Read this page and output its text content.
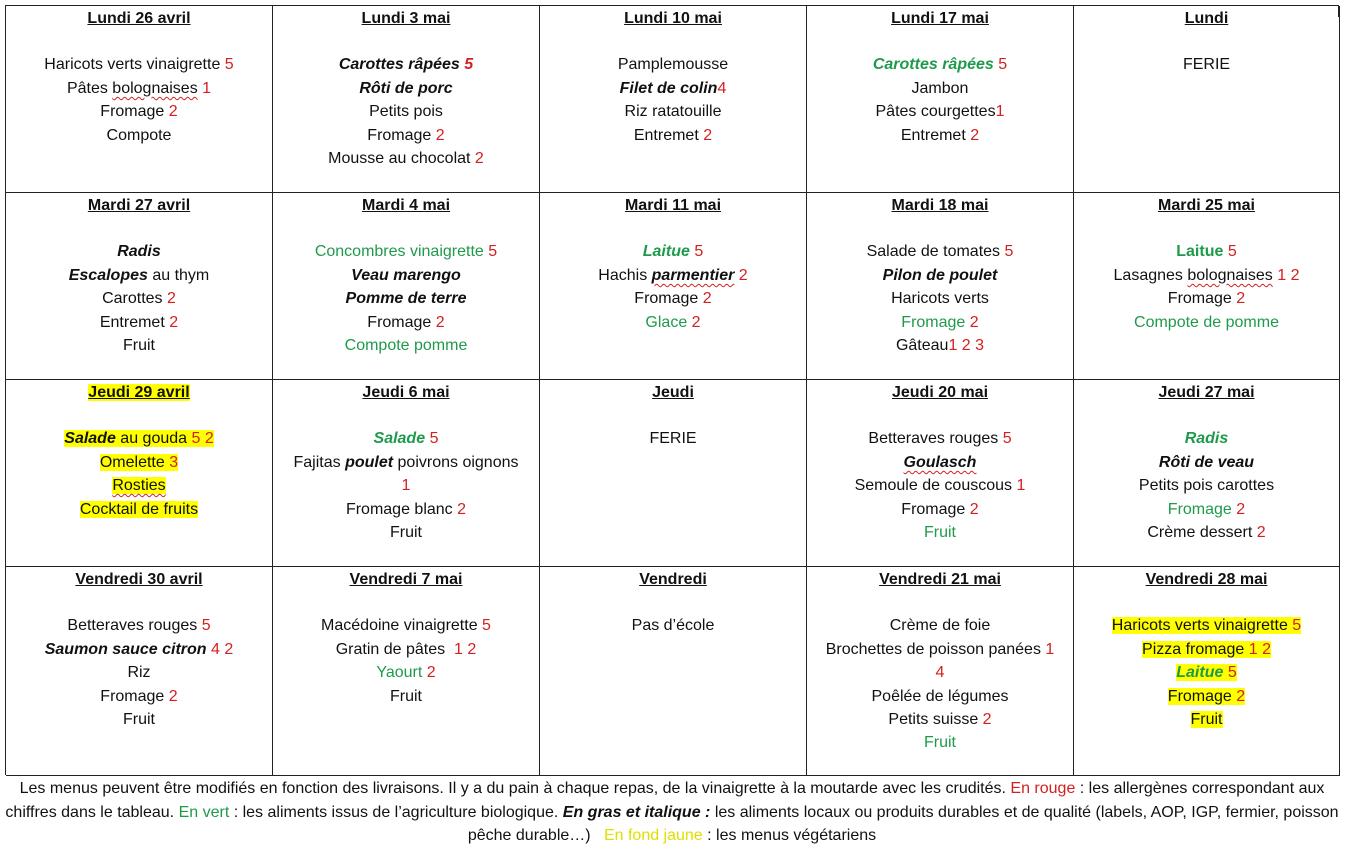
Lundi 26 avril
Haricots verts vinaigrette 5
Pâtes bolognaises 1
Fromage 2
Compote
Lundi 3 mai
Carottes râpées 5
Rôti de porc
Petits pois
Fromage 2
Mousse au chocolat 2
Lundi 10 mai
Pamplemousse
Filet de colin4
Riz ratatouille
Entremet 2
Lundi 17 mai
Carottes râpées 5
Jambon
Pâtes courgettes1
Entremet 2
Lundi
FERIE
Mardi 27 avril
Radis
Escalopes au thym
Carottes 2
Entremet 2
Fruit
Mardi 4 mai
Concombres vinaigrette 5
Veau marengo
Pomme de terre
Fromage 2
Compote pomme
Mardi 11 mai
Laitue 5
Hachis parmentier 2
Fromage 2
Glace 2
Mardi 18 mai
Salade de tomates 5
Pilon de poulet
Haricots verts
Fromage 2
Gâteau1 2 3
Mardi 25 mai
Laitue 5
Lasagnes bolognaises 1 2
Fromage 2
Compote de pomme
Jeudi 29 avril
Salade au gouda 5 2
Omelette 3
Rosties
Cocktail de fruits
Jeudi 6 mai
Salade 5
Fajitas poulet poivrons oignons
1
Fromage blanc 2
Fruit
Jeudi
FERIE
Jeudi 20 mai
Betteraves rouges 5
Goulasch
Semoule de couscous 1
Fromage 2
Fruit
Jeudi 27 mai
Radis
Rôti de veau
Petits pois carottes
Fromage 2
Crème dessert 2
Vendredi 30 avril
Betteraves rouges 5
Saumon sauce citron 4 2
Riz
Fromage 2
Fruit
Vendredi 7 mai
Macédoine vinaigrette 5
Gratin de pâtes 1 2
Yaourt 2
Fruit
Vendredi
Pas d’école
Vendredi 21 mai
Crème de foie
Brochettes de poisson panées 1
4
Poêlée de légumes
Petits suisse 2
Fruit
Vendredi 28 mai
Haricots verts vinaigrette 5
Pizza fromage 1 2
Laitue 5
Fromage 2
Fruit
Les menus peuvent être modifiés en fonction des livraisons. Il y a du pain à chaque repas, de la vinaigrette à la moutarde avec les crudités. En rouge : les allergènes correspondant aux chiffres dans le tableau. En vert : les aliments issus de l’agriculture biologique. En gras et italique : les aliments locaux ou produits durables et de qualité (labels, AOP, IGP, fermier, poisson pêche durable…) En fond jaune : les menus végétariens
